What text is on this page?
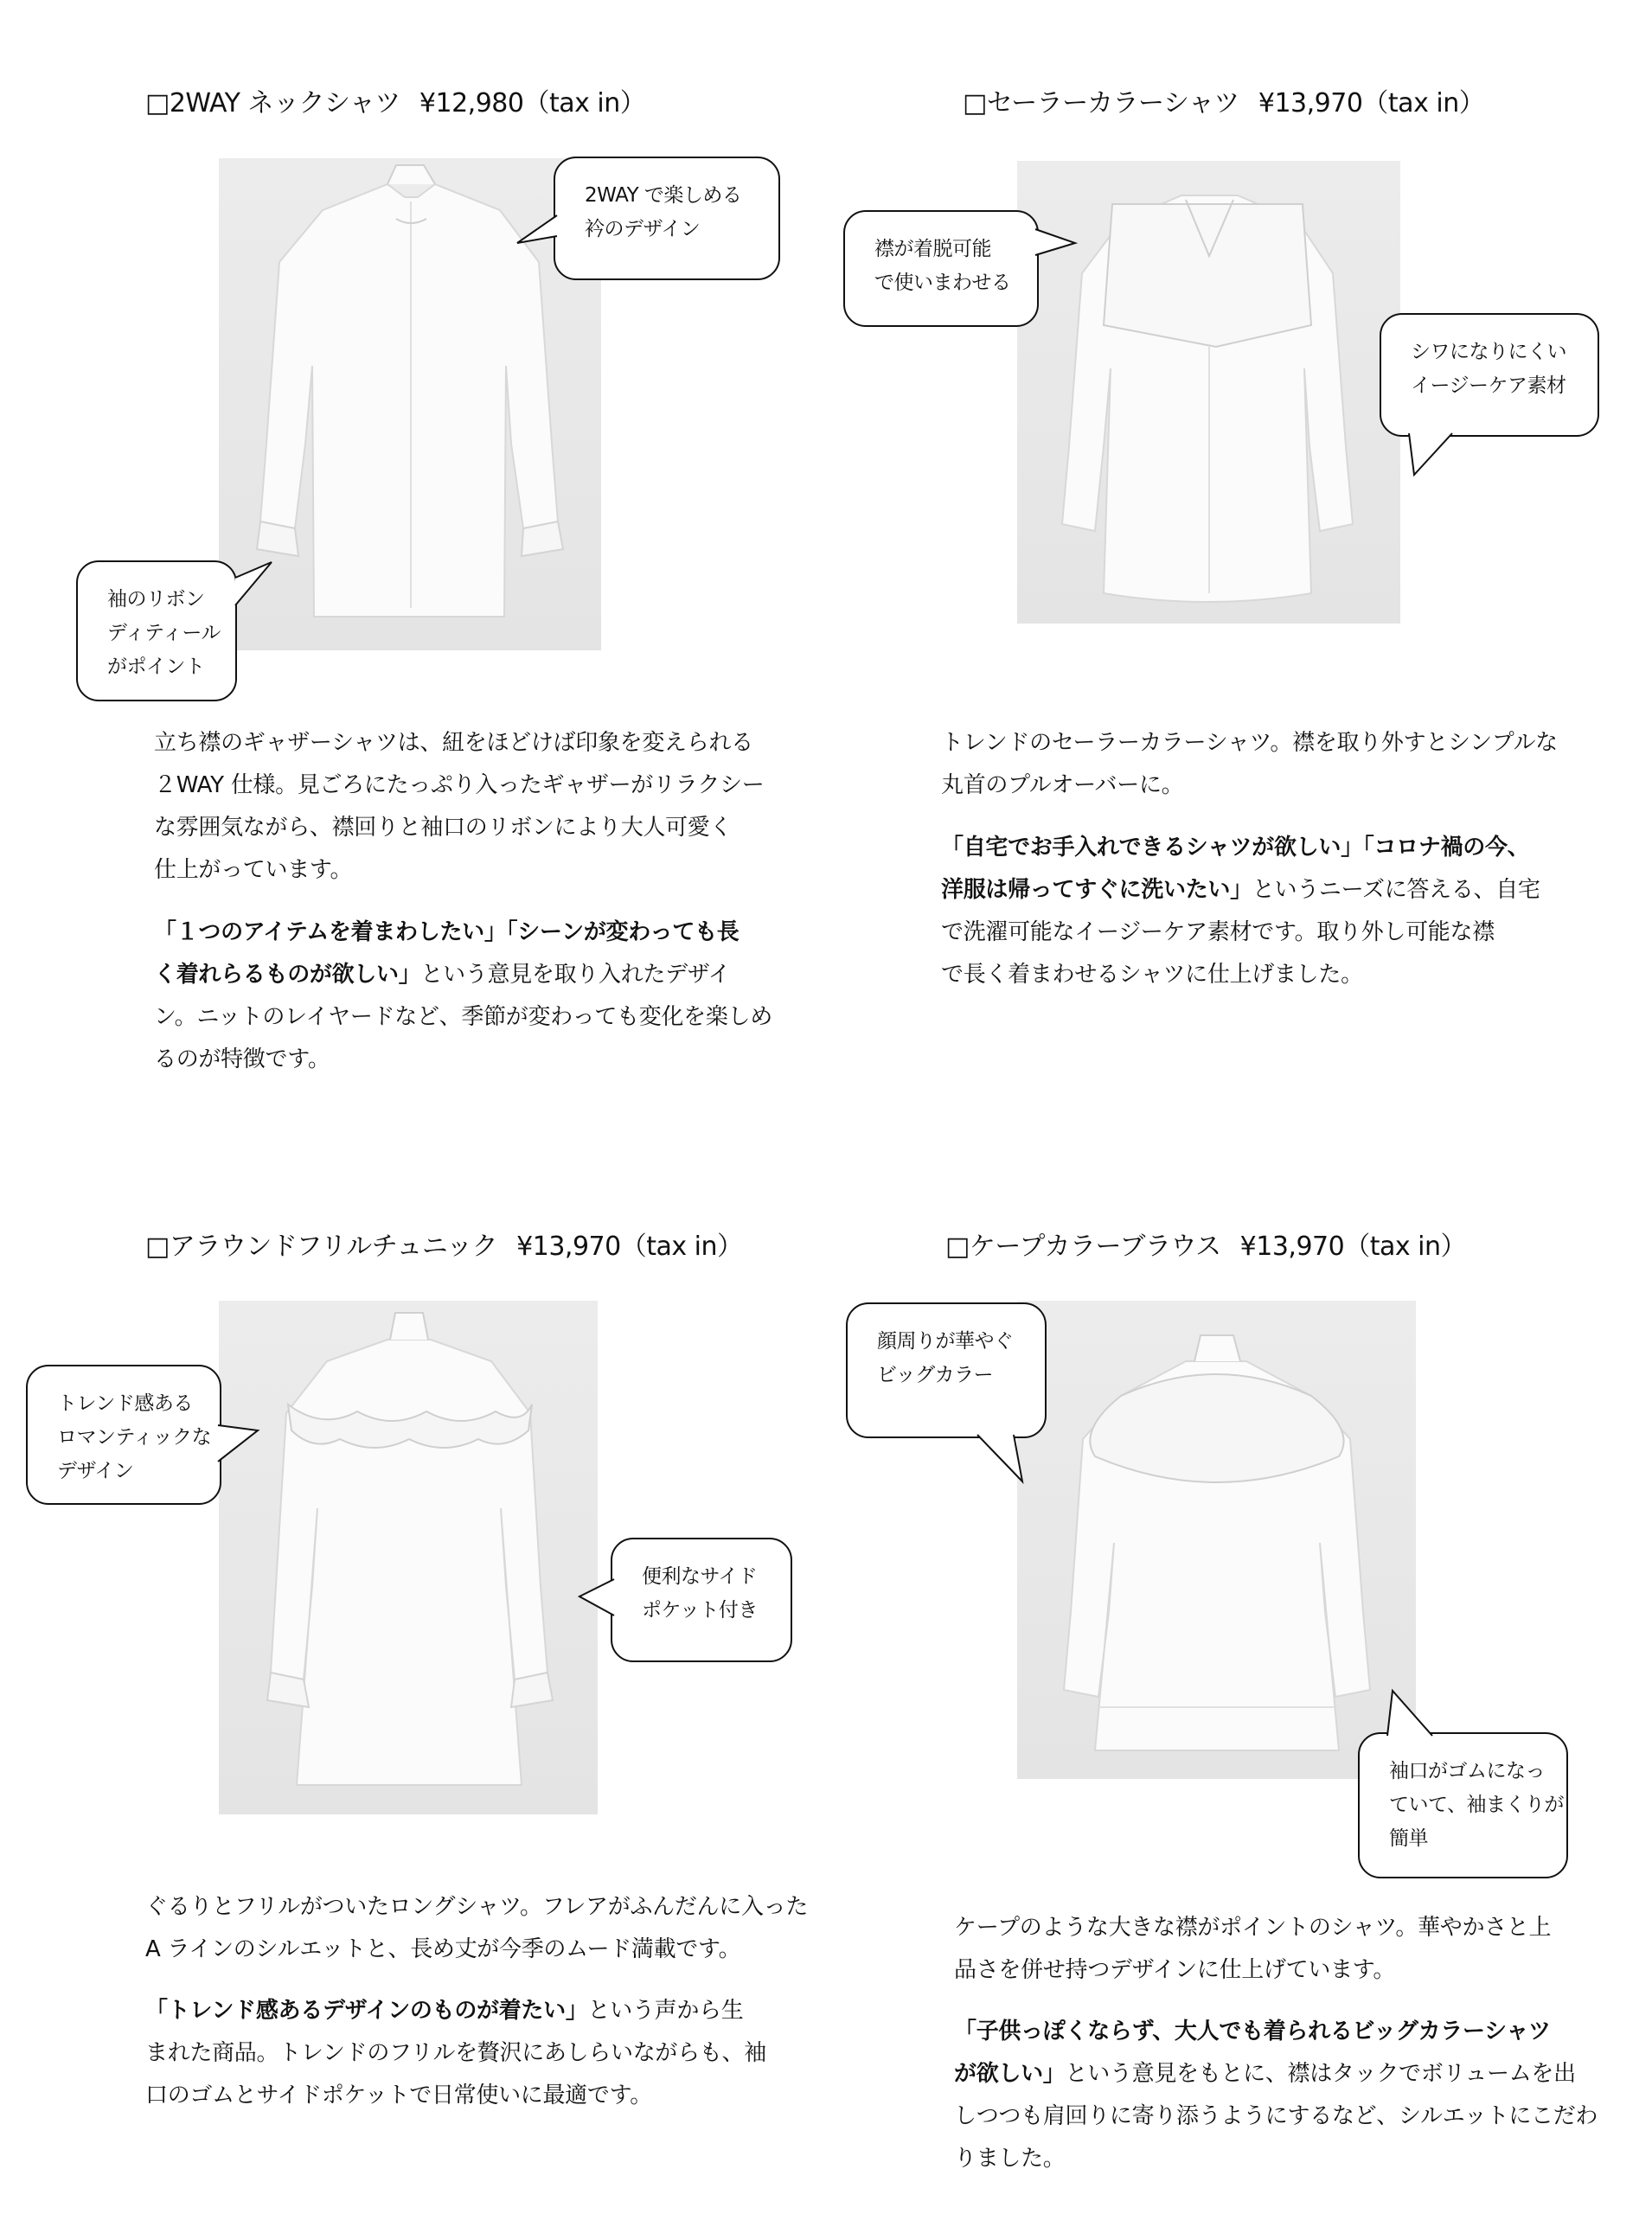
□2WAY ネックシャツ ¥12,980（tax in）
2WAY で楽しめる
衿のデザイン
袖のリボン
ディティール
がポイント
立ち襟のギャザーシャツは、紐をほどけば印象を変えられる
２WAY 仕様。見ごろにたっぷり入ったギャザーがリラクシー
な雰囲気ながら、襟回りと袖口のリボンにより大人可愛く
仕上がっています。
「１つのアイテムを着まわしたい」「シーンが変わっても長
く着れらるものが欲しい」という意見を取り入れたデザイ
ン。ニットのレイヤードなど、季節が変わっても変化を楽しめ
るのが特徴です。
□セーラーカラーシャツ ¥13,970（tax in）
襟が着脱可能
で使いまわせる
シワになりにくい
イージーケア素材
トレンドのセーラーカラーシャツ。襟を取り外すとシンプルな
丸首のプルオーバーに。
「自宅でお手入れできるシャツが欲しい」「コロナ禍の今、
洋服は帰ってすぐに洗いたい」というニーズに答える、自宅
で洗濯可能なイージーケア素材です。取り外し可能な襟
で長く着まわせるシャツに仕上げました。
□アラウンドフリルチュニック ¥13,970（tax in）
トレンド感ある
ロマンティックな
デザイン
便利なサイド
ポケット付き
ぐるりとフリルがついたロングシャツ。フレアがふんだんに入った
A ラインのシルエットと、長め丈が今季のムード満載です。
「トレンド感あるデザインのものが着たい」という声から生
まれた商品。トレンドのフリルを贅沢にあしらいながらも、袖
口のゴムとサイドポケットで日常使いに最適です。
□ケープカラーブラウス ¥13,970（tax in）
顔周りが華やぐ
ビッグカラー
袖口がゴムになっ
ていて、袖まくりが
簡単
ケープのような大きな襟がポイントのシャツ。華やかさと上
品さを併せ持つデザインに仕上げています。
「子供っぽくならず、大人でも着られるビッグカラーシャツ
が欲しい」という意見をもとに、襟はタックでボリュームを出
しつつも肩回りに寄り添うようにするなど、シルエットにこだわ
りました。
